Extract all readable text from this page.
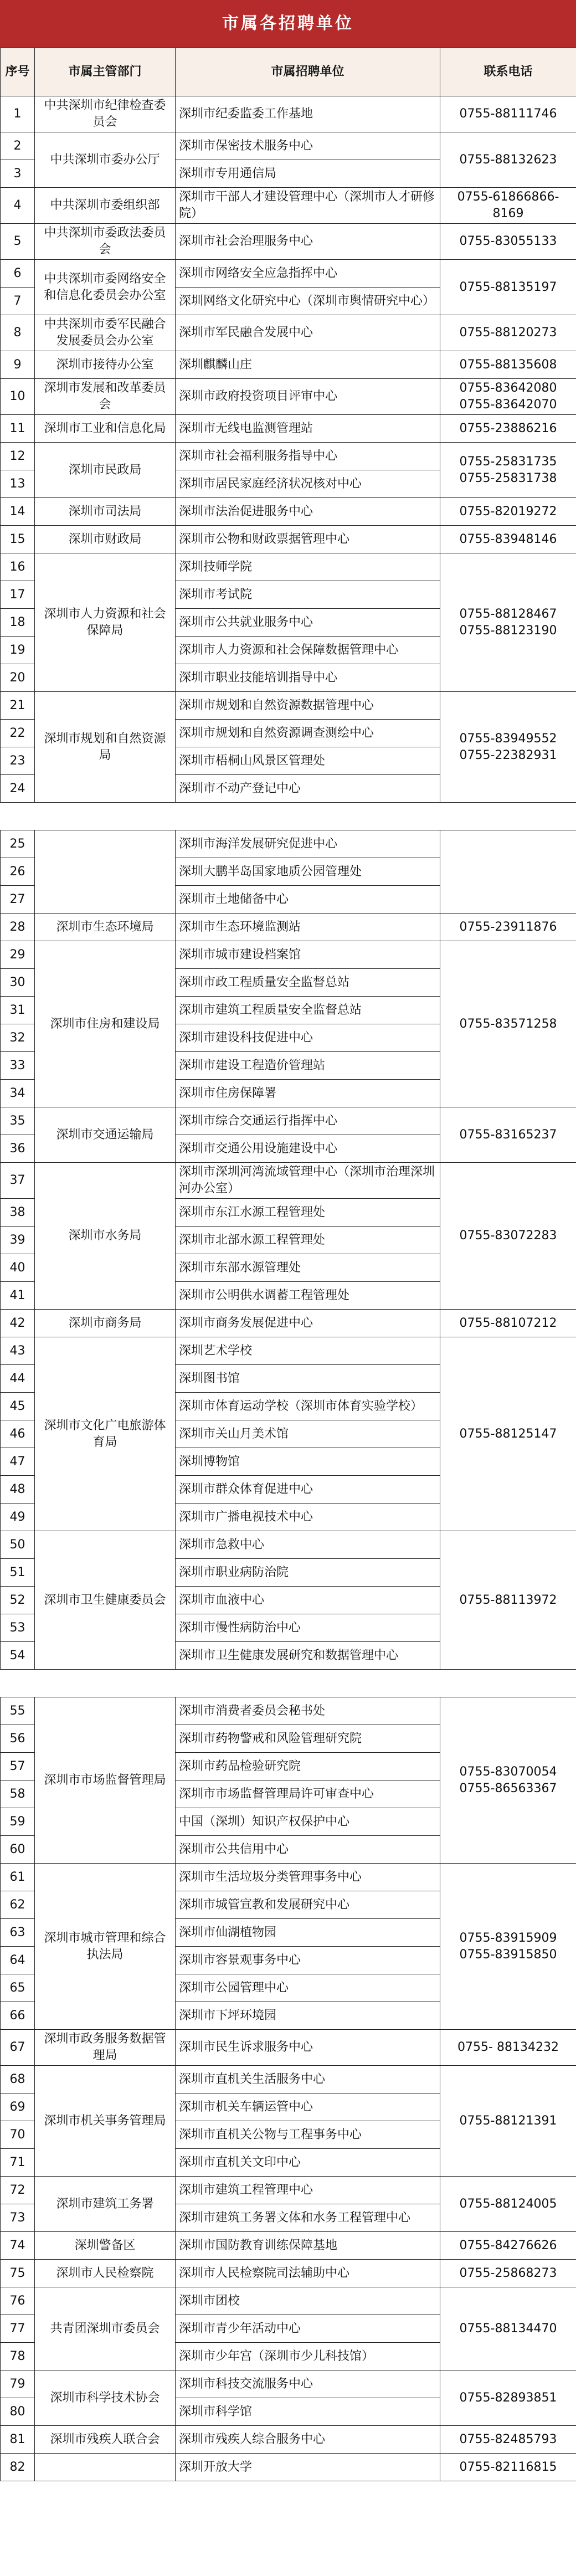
市属各招聘单位
序号	市属主管部门	市属招聘单位	联系电话
1	中共深圳市纪律检查委员会	深圳市纪委监委工作基地	0755-88111746
2	中共深圳市委办公厅	深圳市保密技术服务中心	0755-88132623
3		深圳市专用通信局	
4	中共深圳市委组织部	深圳市干部人才建设管理中心（深圳市人才研修院）	0755-61866866-8169
5	中共深圳市委政法委员会	深圳市社会治理服务中心	0755-83055133
6	中共深圳市委网络安全和信息化委员会办公室	深圳市网络安全应急指挥中心	0755-88135197
7		深圳网络文化研究中心（深圳市舆情研究中心）	
8	中共深圳市委军民融合发展委员会办公室	深圳市军民融合发展中心	0755-88120273
9	深圳市接待办公室	深圳麒麟山庄	0755-88135608
10	深圳市发展和改革委员会	深圳市政府投资项目评审中心	0755-83642080 0755-83642070
11	深圳市工业和信息化局	深圳市无线电监测管理站	0755-23886216
12	深圳市民政局	深圳市社会福利服务指导中心	0755-25831735 0755-25831738
13		深圳市居民家庭经济状况核对中心	
14	深圳市司法局	深圳市法治促进服务中心	0755-82019272
15	深圳市财政局	深圳市公物和财政票据管理中心	0755-83948146
16	深圳市人力资源和社会保障局	深圳技师学院	0755-88128467 0755-88123190
17		深圳市考试院	
18		深圳市公共就业服务中心	
19		深圳市人力资源和社会保障数据管理中心	
20		深圳市职业技能培训指导中心	
21	深圳市规划和自然资源局	深圳市规划和自然资源数据管理中心	0755-83949552 0755-22382931
22		深圳市规划和自然资源调查测绘中心	
23		深圳市梧桐山风景区管理处	
24		深圳市不动产登记中心	

25		深圳市海洋发展研究促进中心	
26		深圳大鹏半岛国家地质公园管理处	
27		深圳市土地储备中心	
28	深圳市生态环境局	深圳市生态环境监测站	0755-23911876
29	深圳市住房和建设局	深圳市城市建设档案馆	0755-83571258
30		深圳市政工程质量安全监督总站	
31		深圳市建筑工程质量安全监督总站	
32		深圳市建设科技促进中心	
33		深圳市建设工程造价管理站	
34		深圳市住房保障署	
35	深圳市交通运输局	深圳市综合交通运行指挥中心	0755-83165237
36		深圳市交通公用设施建设中心	
37	深圳市水务局	深圳市深圳河湾流域管理中心（深圳市治理深圳河办公室）	0755-83072283
38		深圳市东江水源工程管理处	
39		深圳市北部水源工程管理处	
40		深圳市东部水源管理处	
41		深圳市公明供水调蓄工程管理处	
42	深圳市商务局	深圳市商务发展促进中心	0755-88107212
43	深圳市文化广电旅游体育局	深圳艺术学校	0755-88125147
44		深圳图书馆	
45		深圳市体育运动学校（深圳市体育实验学校）	
46		深圳市关山月美术馆	
47		深圳博物馆	
48		深圳市群众体育促进中心	
49		深圳市广播电视技术中心	
50	深圳市卫生健康委员会	深圳市急救中心	0755-88113972
51		深圳市职业病防治院	
52		深圳市血液中心	
53		深圳市慢性病防治中心	
54		深圳市卫生健康发展研究和数据管理中心	

55	深圳市市场监督管理局	深圳市消费者委员会秘书处	0755-83070054 0755-86563367
56		深圳市药物警戒和风险管理研究院	
57		深圳市药品检验研究院	
58		深圳市市场监督管理局许可审查中心	
59		中国（深圳）知识产权保护中心	
60		深圳市公共信用中心	
61	深圳市城市管理和综合执法局	深圳市生活垃圾分类管理事务中心	0755-83915909 0755-83915850
62		深圳市城管宣教和发展研究中心	
63		深圳市仙湖植物园	
64		深圳市容景观事务中心	
65		深圳市公园管理中心	
66		深圳市下坪环境园	
67	深圳市政务服务数据管理局	深圳市民生诉求服务中心	0755- 88134232
68	深圳市机关事务管理局	深圳市直机关生活服务中心	0755-88121391
69		深圳市机关车辆运管中心	
70		深圳市直机关公物与工程事务中心	
71		深圳市直机关文印中心	
72	深圳市建筑工务署	深圳市建筑工程管理中心	0755-88124005
73		深圳市建筑工务署文体和水务工程管理中心	
74	深圳警备区	深圳市国防教育训练保障基地	0755-84276626
75	深圳市人民检察院	深圳市人民检察院司法辅助中心	0755-25868273
76	共青团深圳市委员会	深圳市团校	0755-88134470
77		深圳市青少年活动中心	
78		深圳市少年宫（深圳市少儿科技馆）	
79	深圳市科学技术协会	深圳市科技交流服务中心	0755-82893851
80		深圳市科学馆	
81	深圳市残疾人联合会	深圳市残疾人综合服务中心	0755-82485793
82		深圳开放大学	0755-82116815
